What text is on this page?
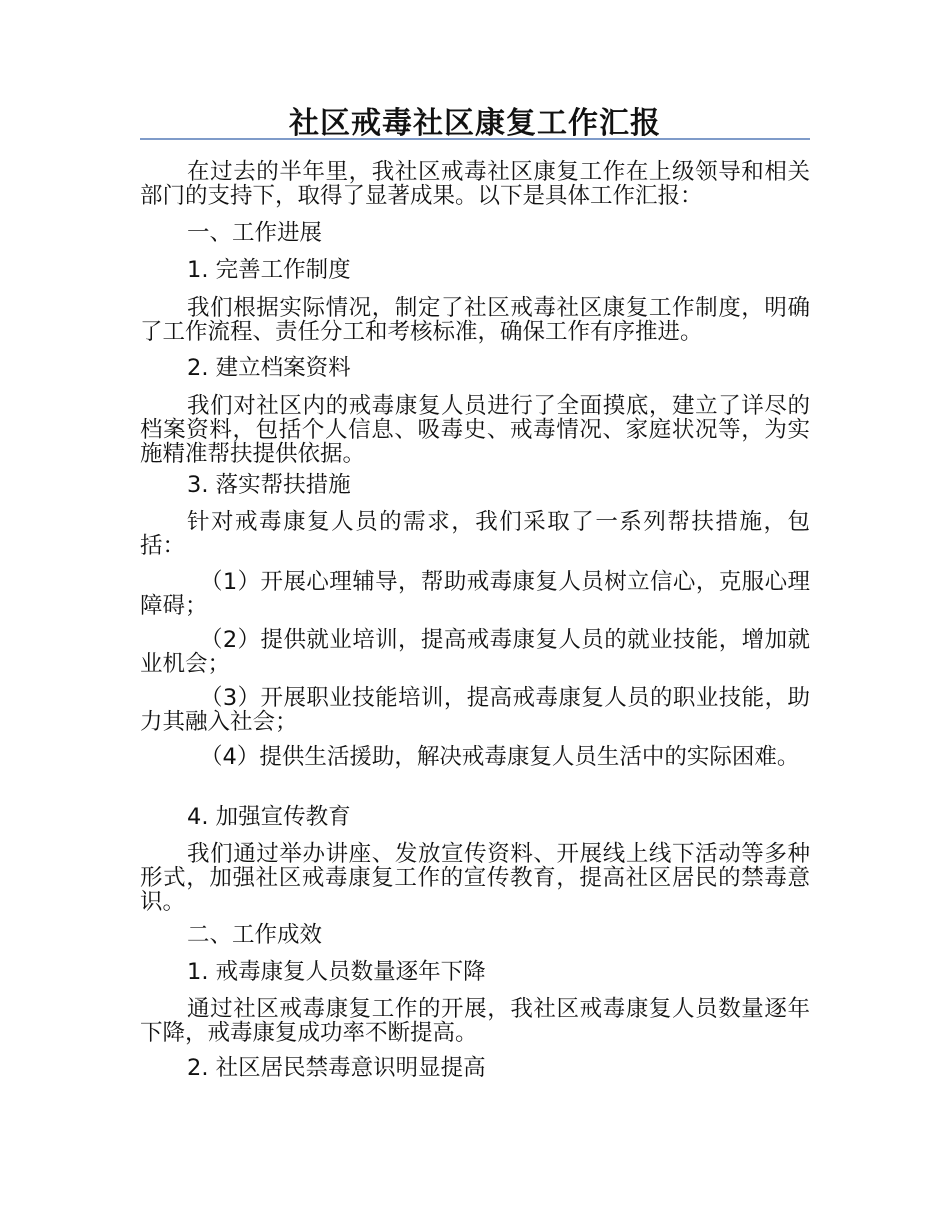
社区戒毒社区康复工作汇报

在过去的半年里，我社区戒毒社区康复工作在上级领导和相关部门的支持下，取得了显著成果。以下是具体工作汇报：

一、工作进展

1. 完善工作制度

我们根据实际情况，制定了社区戒毒社区康复工作制度，明确了工作流程、责任分工和考核标准，确保工作有序推进。

2. 建立档案资料

我们对社区内的戒毒康复人员进行了全面摸底，建立了详尽的档案资料，包括个人信息、吸毒史、戒毒情况、家庭状况等，为实施精准帮扶提供依据。

3. 落实帮扶措施

针对戒毒康复人员的需求，我们采取了一系列帮扶措施，包括：

（1）开展心理辅导，帮助戒毒康复人员树立信心，克服心理障碍；

（2）提供就业培训，提高戒毒康复人员的就业技能，增加就业机会；

（3）开展职业技能培训，提高戒毒康复人员的职业技能，助力其融入社会；

（4）提供生活援助，解决戒毒康复人员生活中的实际困难。

4. 加强宣传教育

我们通过举办讲座、发放宣传资料、开展线上线下活动等多种形式，加强社区戒毒康复工作的宣传教育，提高社区居民的禁毒意识。

二、工作成效

1. 戒毒康复人员数量逐年下降

通过社区戒毒康复工作的开展，我社区戒毒康复人员数量逐年下降，戒毒康复成功率不断提高。

2. 社区居民禁毒意识明显提高
